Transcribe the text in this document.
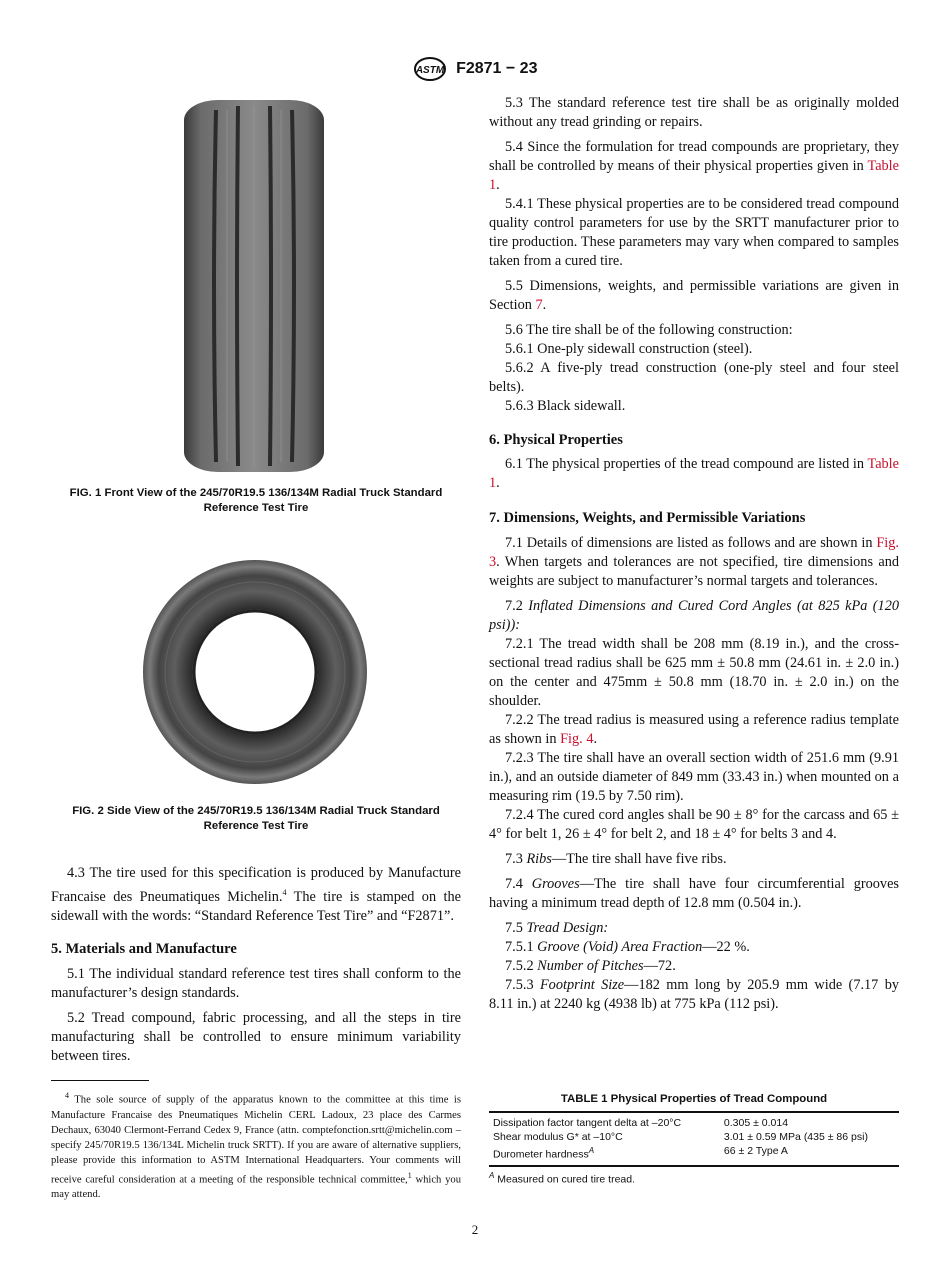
ASTM F2871 − 23
FIG. 1 Front View of the 245/70R19.5 136/134M Radial Truck Standard Reference Test Tire
FIG. 2 Side View of the 245/70R19.5 136/134M Radial Truck Standard Reference Test Tire

4.3 The tire used for this specification is produced by Manufacture Francaise des Pneumatiques Michelin.$^4$ The tire is stamped on the sidewall with the words: “Standard Reference Test Tire” and “F2871”.

5. Materials and Manufacture

5.1 The individual standard reference test tires shall conform to the manufacturer’s design standards.

5.2 Tread compound, fabric processing, and all the steps in tire manufacturing shall be controlled to ensure minimum variability between tires.

$^4$ The sole source of supply of the apparatus known to the committee at this time is Manufacture Francaise des Pneumatiques Michelin CERL Ladoux, 23 place des Carmes Dechaux, 63040 Clermont-Ferrand Cedex 9, France (attn. comptefonction.srtt@michelin.com – specify 245/70R19.5 136/134L Michelin truck SRTT). If you are aware of alternative suppliers, please provide this information to ASTM International Headquarters. Your comments will receive careful consideration at a meeting of the responsible technical committee,$^1$ which you may attend.

5.3 The standard reference test tire shall be as originally molded without any tread grinding or repairs.

5.4 Since the formulation for tread compounds are proprietary, they shall be controlled by means of their physical properties given in Table 1.

5.4.1 These physical properties are to be considered tread compound quality control parameters for use by the SRTT manufacturer prior to tire production. These parameters may vary when compared to samples taken from a cured tire.

5.5 Dimensions, weights, and permissible variations are given in Section 7.

5.6 The tire shall be of the following construction:

5.6.1 One-ply sidewall construction (steel).

5.6.2 A five-ply tread construction (one-ply steel and four steel belts).

5.6.3 Black sidewall.

6. Physical Properties

6.1 The physical properties of the tread compound are listed in Table 1.

7. Dimensions, Weights, and Permissible Variations

7.1 Details of dimensions are listed as follows and are shown in Fig. 3. When targets and tolerances are not specified, tire dimensions and weights are subject to manufacturer’s normal targets and tolerances.

7.2 Inflated Dimensions and Cured Cord Angles (at 825 kPa (120 psi)):

7.2.1 The tread width shall be 208 mm (8.19 in.), and the cross-sectional tread radius shall be 625 mm ± 50.8 mm (24.61 in. ± 2.0 in.) on the center and 475mm ± 50.8 mm (18.70 in. ± 2.0 in.) on the shoulder.

7.2.2 The tread radius is measured using a reference radius template as shown in Fig. 4.

7.2.3 The tire shall have an overall section width of 251.6 mm (9.91 in.), and an outside diameter of 849 mm (33.43 in.) when mounted on a measuring rim (19.5 by 7.50 rim).

7.2.4 The cured cord angles shall be 90 ± 8° for the carcass and 65 ± 4° for belt 1, 26 ± 4° for belt 2, and 18 ± 4° for belts 3 and 4.

7.3 Ribs—The tire shall have five ribs.

7.4 Grooves—The tire shall have four circumferential grooves having a minimum tread depth of 12.8 mm (0.504 in.).

7.5 Tread Design:

7.5.1 Groove (Void) Area Fraction—22 %.

7.5.2 Number of Pitches—72.

7.5.3 Footprint Size—182 mm long by 205.9 mm wide (7.17 by 8.11 in.) at 2240 kg (4938 lb) at 775 kPa (112 psi).

TABLE 1 Physical Properties of Tread Compound
Dissipation factor tangent delta at –20°C	0.305 ± 0.014
Shear modulus G* at –10°C	3.01 ± 0.59 MPa (435 ± 86 psi)
Durometer hardness$^A$	66 ± 2 Type A
$^A$ Measured on cured tire tread.
2
